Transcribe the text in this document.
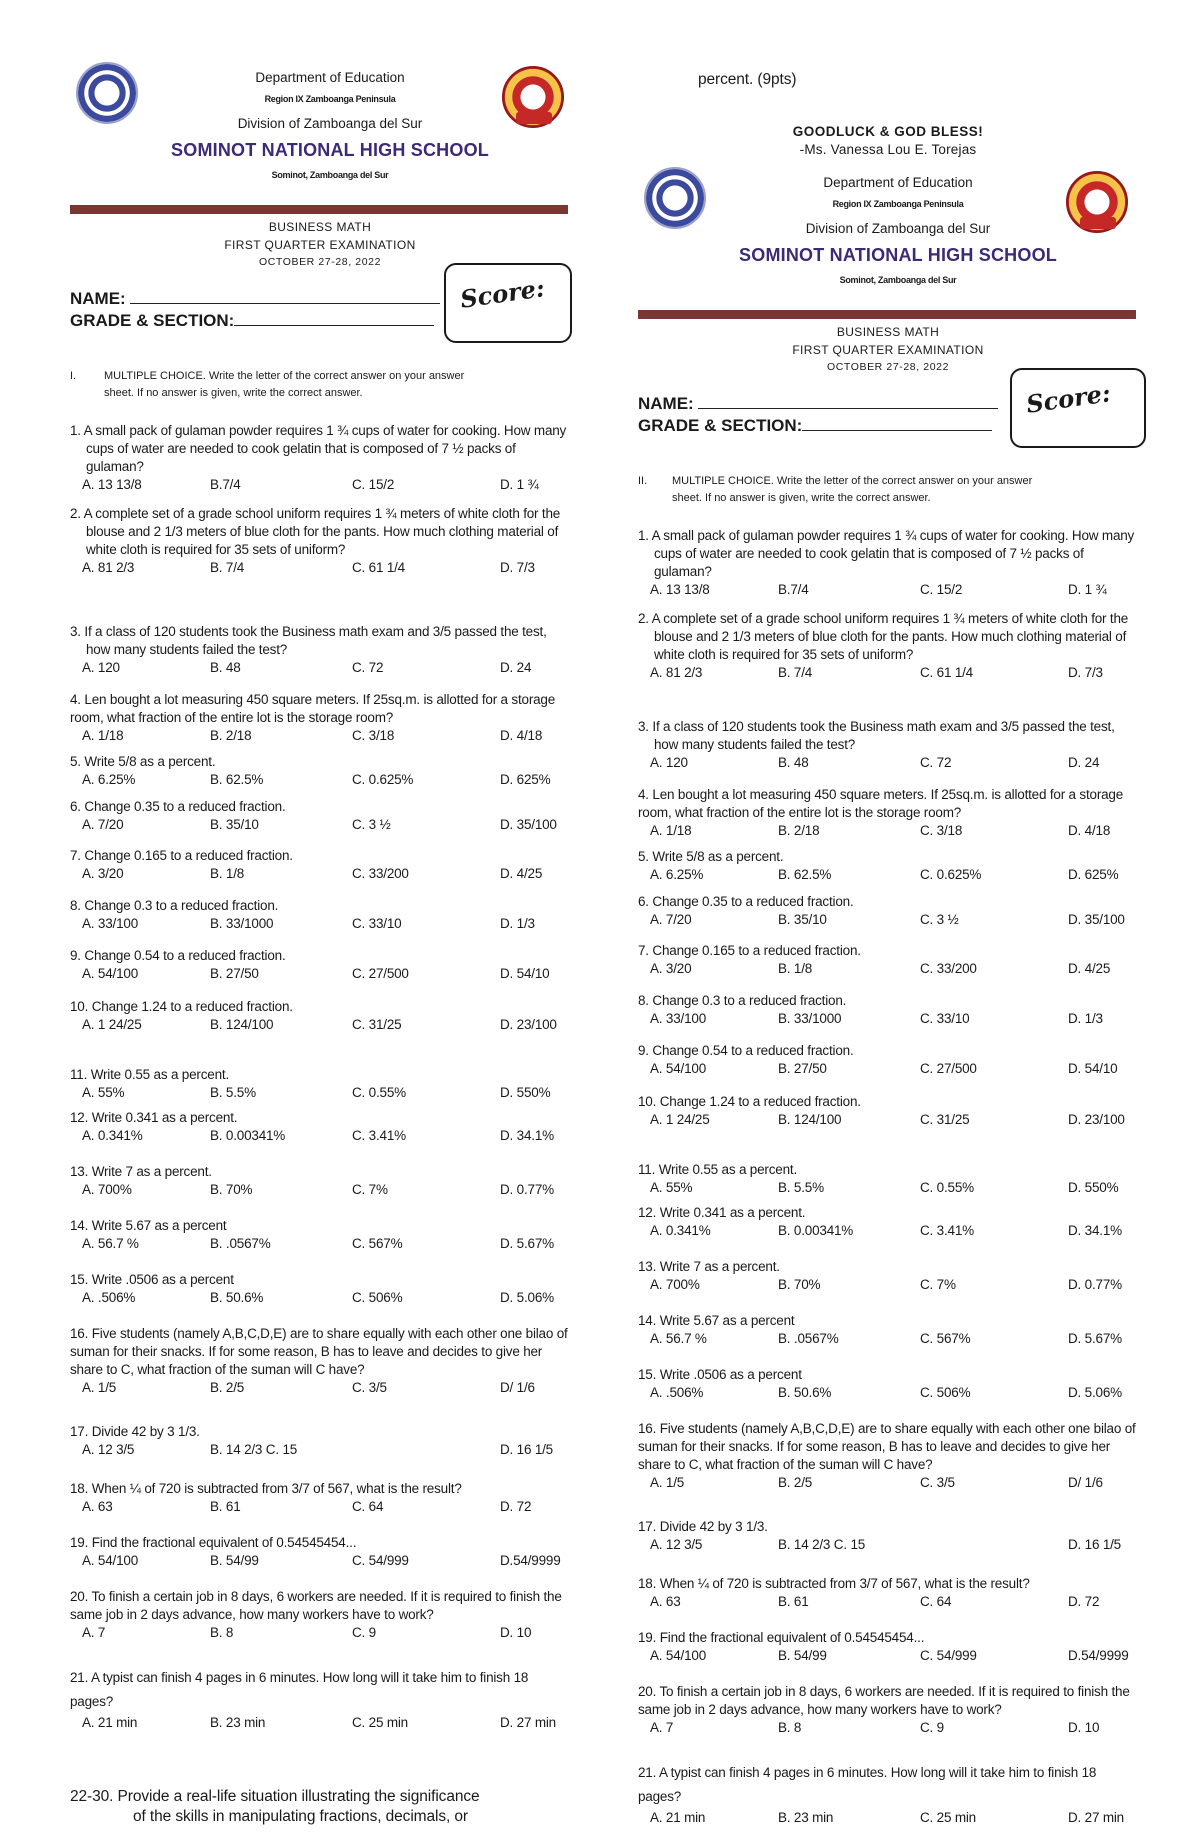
Department of Education
Region IX Zamboanga Peninsula
Division of Zamboanga del Sur
SOMINOT NATIONAL HIGH SCHOOL
Sominot, Zamboanga del Sur
BUSINESS MATH
FIRST QUARTER EXAMINATION
OCTOBER 27-28, 2022
NAME:
GRADE & SECTION:
Score:
I.	MULTIPLE CHOICE. Write the letter of the correct answer on your answer
sheet. If no answer is given, write the correct answer.
1. A small pack of gulaman powder requires 1 ¾ cups of water for cooking. How many cups of water are needed to cook gelatin that is composed of 7 ½ packs of gulaman?
A. 13 13/8	B.7/4	C. 15/2	D. 1 ¾
2. A complete set of a grade school uniform requires 1 ¾ meters of white cloth for the blouse and 2 1/3 meters of blue cloth for the pants. How much clothing material of white cloth is required for 35 sets of uniform?
A. 81 2/3	B. 7/4	C. 61 1/4	D. 7/3
3. If a class of 120 students took the Business math exam and 3/5 passed the test, how many students failed the test?
A. 120	B. 48	C. 72	D. 24
4. Len bought a lot measuring 450 square meters. If 25sq.m. is allotted for a storage room, what fraction of the entire lot is the storage room?
A. 1/18	B. 2/18	C. 3/18	D. 4/18
5. Write 5/8 as a percent.
A. 6.25%	B. 62.5%	C. 0.625%	D. 625%
6. Change 0.35 to a reduced fraction.
A. 7/20	B. 35/10	C. 3 ½	D. 35/100
7. Change 0.165 to a reduced fraction.
A. 3/20	B. 1/8	C. 33/200	D. 4/25
8. Change 0.3 to a reduced fraction.
A. 33/100	B. 33/1000	C. 33/10	D. 1/3
9. Change 0.54 to a reduced fraction.
A. 54/100	B. 27/50	C. 27/500	D. 54/10
10. Change 1.24 to a reduced fraction.
A. 1 24/25	B. 124/100	C. 31/25	D. 23/100
11. Write 0.55 as a percent.
A. 55%	B. 5.5%	C. 0.55%	D. 550%
12. Write 0.341 as a percent.
A. 0.341%	B. 0.00341%	C. 3.41%	D. 34.1%
13. Write 7 as a percent.
A. 700%	B. 70%	C. 7%	D. 0.77%
14. Write 5.67 as a percent
A. 56.7 %	B. .0567%	C. 567%	D. 5.67%
15. Write .0506 as a percent
A. .506%	B. 50.6%	C. 506%	D. 5.06%
16. Five students (namely A,B,C,D,E) are to share equally with each other one bilao of suman for their snacks. If for some reason, B has to leave and decides to give her share to C, what fraction of the suman will C have?
A. 1/5	B. 2/5	C. 3/5	D/ 1/6
17. Divide 42 by 3 1/3.
A. 12 3/5	B. 14 2/3 C. 15	D. 16 1/5
18. When ¼ of 720 is subtracted from 3/7 of 567, what is the result?
A. 63	B. 61	C. 64	D. 72
19. Find the fractional equivalent of 0.54545454...
A. 54/100	B. 54/99	C. 54/999	D.54/9999
20. To finish a certain job in 8 days, 6 workers are needed. If it is required to finish the same job in 2 days advance, how many workers have to work?
A. 7	B. 8	C. 9	D. 10
21. A typist can finish 4 pages in 6 minutes. How long will it take him to finish 18 pages?
A. 21 min	B. 23 min	C. 25 min	D. 27 min
22-30. Provide a real-life situation illustrating the significance
of the skills in manipulating fractions, decimals, or
percent. (9pts)
GOODLUCK & GOD BLESS!
-Ms. Vanessa Lou E. Torejas
Department of Education
Region IX Zamboanga Peninsula
Division of Zamboanga del Sur
SOMINOT NATIONAL HIGH SCHOOL
Sominot, Zamboanga del Sur
BUSINESS MATH
FIRST QUARTER EXAMINATION
OCTOBER 27-28, 2022
NAME:
GRADE & SECTION:
Score:
II.	MULTIPLE CHOICE. Write the letter of the correct answer on your answer
sheet. If no answer is given, write the correct answer.
1. A small pack of gulaman powder requires 1 ¾ cups of water for cooking. How many cups of water are needed to cook gelatin that is composed of 7 ½ packs of gulaman?
A. 13 13/8	B.7/4	C. 15/2	D. 1 ¾
2. A complete set of a grade school uniform requires 1 ¾ meters of white cloth for the blouse and 2 1/3 meters of blue cloth for the pants. How much clothing material of white cloth is required for 35 sets of uniform?
A. 81 2/3	B. 7/4	C. 61 1/4	D. 7/3
3. If a class of 120 students took the Business math exam and 3/5 passed the test, how many students failed the test?
A. 120	B. 48	C. 72	D. 24
4. Len bought a lot measuring 450 square meters. If 25sq.m. is allotted for a storage room, what fraction of the entire lot is the storage room?
A. 1/18	B. 2/18	C. 3/18	D. 4/18
5. Write 5/8 as a percent.
A. 6.25%	B. 62.5%	C. 0.625%	D. 625%
6. Change 0.35 to a reduced fraction.
A. 7/20	B. 35/10	C. 3 ½	D. 35/100
7. Change 0.165 to a reduced fraction.
A. 3/20	B. 1/8	C. 33/200	D. 4/25
8. Change 0.3 to a reduced fraction.
A. 33/100	B. 33/1000	C. 33/10	D. 1/3
9. Change 0.54 to a reduced fraction.
A. 54/100	B. 27/50	C. 27/500	D. 54/10
10. Change 1.24 to a reduced fraction.
A. 1 24/25	B. 124/100	C. 31/25	D. 23/100
11. Write 0.55 as a percent.
A. 55%	B. 5.5%	C. 0.55%	D. 550%
12. Write 0.341 as a percent.
A. 0.341%	B. 0.00341%	C. 3.41%	D. 34.1%
13. Write 7 as a percent.
A. 700%	B. 70%	C. 7%	D. 0.77%
14. Write 5.67 as a percent
A. 56.7 %	B. .0567%	C. 567%	D. 5.67%
15. Write .0506 as a percent
A. .506%	B. 50.6%	C. 506%	D. 5.06%
16. Five students (namely A,B,C,D,E) are to share equally with each other one bilao of suman for their snacks. If for some reason, B has to leave and decides to give her share to C, what fraction of the suman will C have?
A. 1/5	B. 2/5	C. 3/5	D/ 1/6
17. Divide 42 by 3 1/3.
A. 12 3/5	B. 14 2/3 C. 15	D. 16 1/5
18. When ¼ of 720 is subtracted from 3/7 of 567, what is the result?
A. 63	B. 61	C. 64	D. 72
19. Find the fractional equivalent of 0.54545454...
A. 54/100	B. 54/99	C. 54/999	D.54/9999
20. To finish a certain job in 8 days, 6 workers are needed. If it is required to finish the same job in 2 days advance, how many workers have to work?
A. 7	B. 8	C. 9	D. 10
21. A typist can finish 4 pages in 6 minutes. How long will it take him to finish 18 pages?
A. 21 min	B. 23 min	C. 25 min	D. 27 min
